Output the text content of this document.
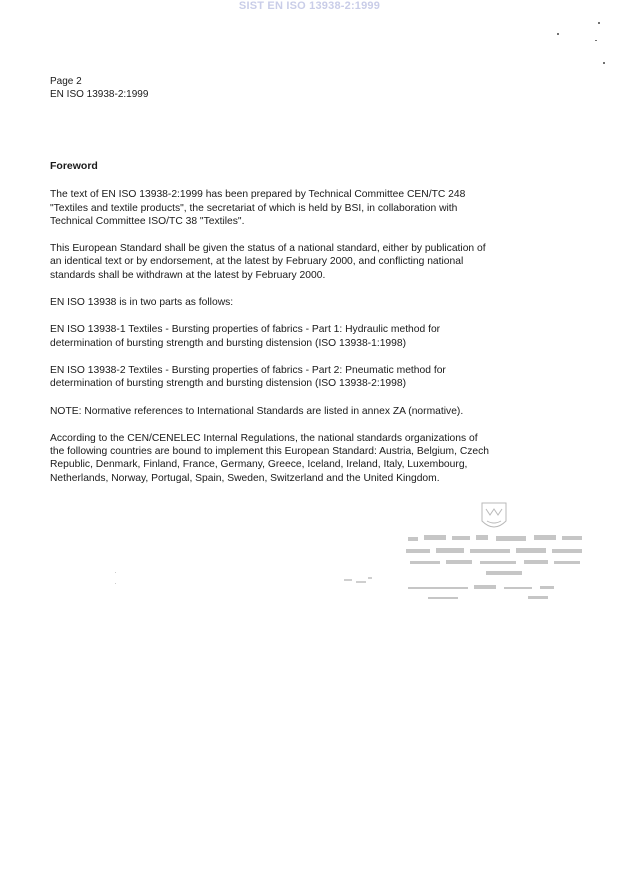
SIST EN ISO 13938-2:1999
Page 2
EN ISO 13938-2:1999
Foreword
The text of EN ISO 13938-2:1999 has been prepared by Technical Committee CEN/TC 248
"Textiles and textile products", the secretariat of which is held by BSI, in collaboration with
Technical Committee ISO/TC 38 "Textiles".
This European Standard shall be given the status of a national standard, either by publication of
an identical text or by endorsement, at the latest by February 2000, and conflicting national
standards shall be withdrawn at the latest by February 2000.
EN ISO 13938 is in two parts as follows:
EN ISO 13938-1 Textiles - Bursting properties of fabrics - Part 1: Hydraulic method for
determination of bursting strength and bursting distension (ISO 13938-1:1998)
EN ISO 13938-2 Textiles - Bursting properties of fabrics - Part 2: Pneumatic method for
determination of bursting strength and bursting distension (ISO 13938-2:1998)
NOTE: Normative references to International Standards are listed in annex ZA (normative).
According to the CEN/CENELEC Internal Regulations, the national standards organizations of
the following countries are bound to implement this European Standard: Austria, Belgium, Czech
Republic, Denmark, Finland, France, Germany, Greece, Iceland, Ireland, Italy, Luxembourg,
Netherlands, Norway, Portugal, Spain, Sweden, Switzerland and the United Kingdom.
